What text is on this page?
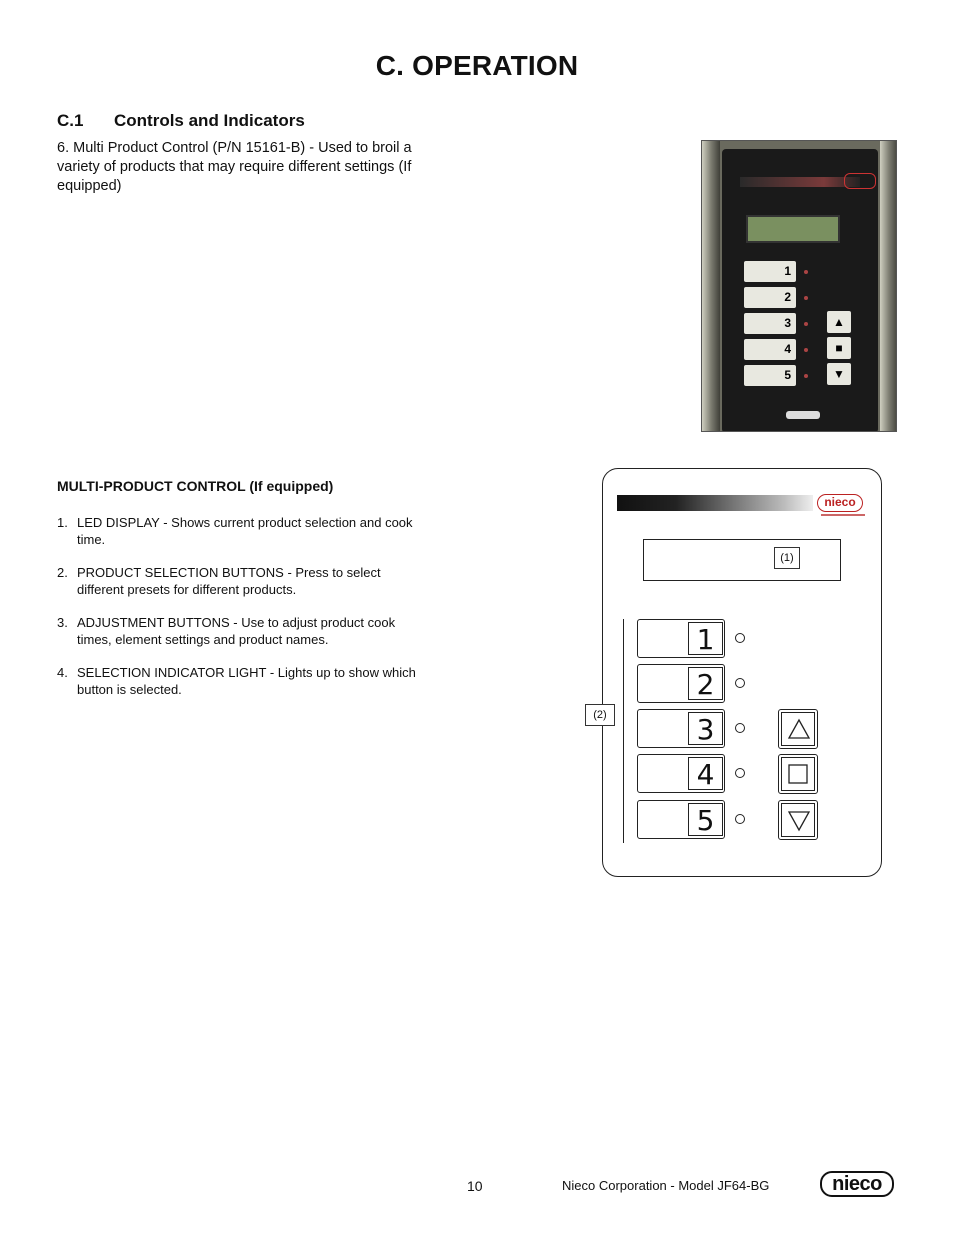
C. OPERATION
C.1 Controls and Indicators
6. Multi Product Control (P/N 15161-B) - Used to broil a variety of products that may require different settings (If equipped)
1
2
3
4
5
▲
■
▼
MULTI-PRODUCT CONTROL (If equipped)
1. LED DISPLAY - Shows current product selection and cook time.
2. PRODUCT SELECTION BUTTONS - Press to select different presets for different products.
3. ADJUSTMENT BUTTONS - Use to adjust product cook times, element settings and product names.
4. SELECTION INDICATOR LIGHT - Lights up to show which button is selected.
nieco
(1)
1
2
3
4
5
(2)
10	Nieco Corporation - Model JF64-BG	nieco
